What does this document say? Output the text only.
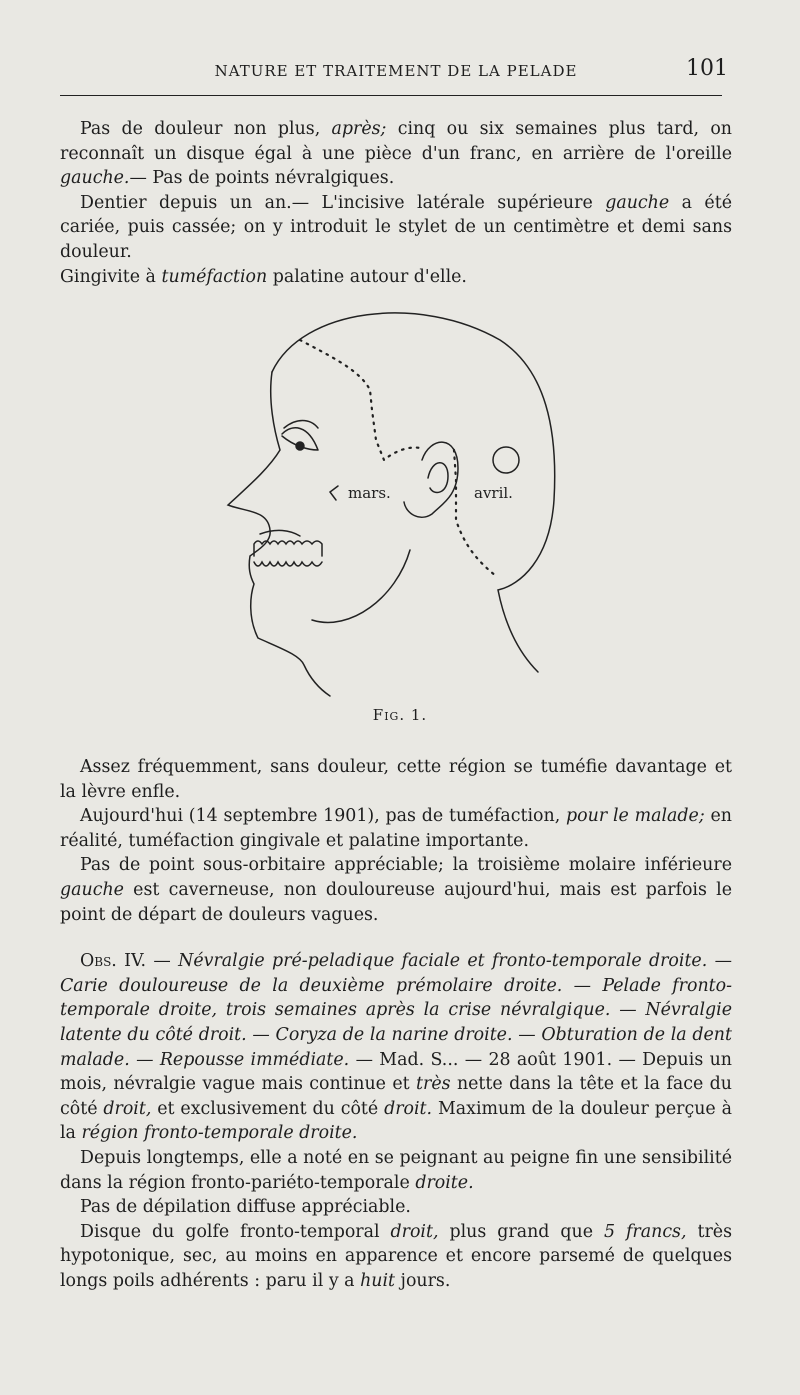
NATURE ET TRAITEMENT DE LA PELADE	101

Pas de douleur non plus, après; cinq ou six semaines plus tard, on reconnaît un disque égal à une pièce d'un franc, en arrière de l'oreille gauche.— Pas de points névralgiques.

Dentier depuis un an.— L'incisive latérale supérieure gauche a été cariée, puis cassée; on y introduit le stylet de un centimètre et demi sans douleur.

Gingivite à tuméfaction palatine autour d'elle.

mars.	avril.
Fig. 1.

Assez fréquemment, sans douleur, cette région se tuméfie davantage et la lèvre enfle.

Aujourd'hui (14 septembre 1901), pas de tuméfaction, pour le malade; en réalité, tuméfaction gingivale et palatine importante.

Pas de point sous-orbitaire appréciable; la troisième molaire inférieure gauche est caverneuse, non douloureuse aujourd'hui, mais est parfois le point de départ de douleurs vagues.

Obs. IV. — Névralgie pré-peladique faciale et fronto-temporale droite. — Carie douloureuse de la deuxième prémolaire droite. — Pelade fronto-temporale droite, trois semaines après la crise névralgique. — Névralgie latente du côté droit. — Coryza de la narine droite. — Obturation de la dent malade. — Repousse immédiate. — Mad. S... — 28 août 1901. — Depuis un mois, névralgie vague mais continue et très nette dans la tête et la face du côté droit, et exclusivement du côté droit. Maximum de la douleur perçue à la région fronto-temporale droite.

Depuis longtemps, elle a noté en se peignant au peigne fin une sensibilité dans la région fronto-pariéto-temporale droite.

Pas de dépilation diffuse appréciable.

Disque du golfe fronto-temporal droit, plus grand que 5 francs, très hypotonique, sec, au moins en apparence et encore parsemé de quelques longs poils adhérents : paru il y a huit jours.
